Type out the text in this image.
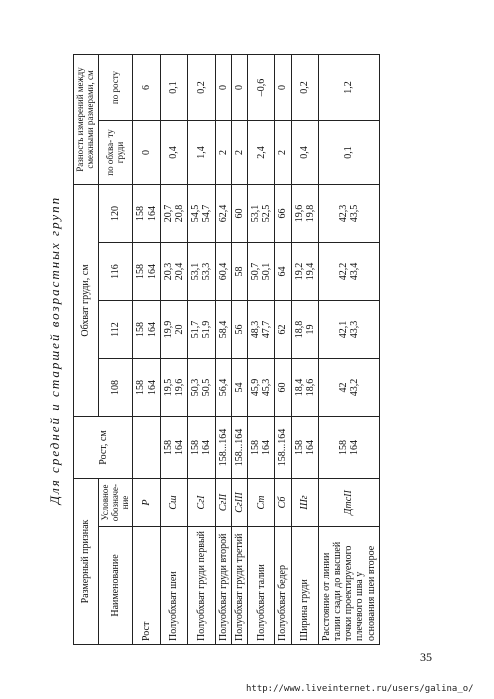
Для средней и старшей возрастных групп
Размерный признак		Рост, см	Обхват груди, см				Разность измерений между смежными размерами, см	
Наименование	Условное обозначе- ние		108	112	116	120	по обхва- ту груди	по росту
Рост	P		158 164	158 164	158 164	158 164	0	6
Полуобхват шеи	Сш	158 164	19,5 19,6	19,9 20	20,3 20,4	20,7 20,8	0,4	0,1
Полуобхват груди первый	СгI	158 164	50,3 50,5	51,7 51,9	53,1 53,3	54,5 54,7	1,4	0,2
Полуобхват груди второй	СгII	158...164	56,4	58,4	60,4	62,4	2	0
Полуобхват груди третий	СгIII	158...164	54	56	58	60	2	0
Полуобхват талии	Ст	158 164	45,9 45,3	48,3 47,7	50,7 50,1	53,1 52,5	2,4	–0,6
Полуобхват бедер	Сб	158...164	60	62	64	66	2	0
Ширина груди	Шг	158 164	18,4 18,6	18,8 19	19,2 19,4	19,6 19,8	0,4	0,2
Расстояние от линии талии сзади до высшей точки проектируемого плечевого шва у основания шеи второе	ДтсII	158 164	42 43,2	42,1 43,3	42,2 43,4	42,3 43,5	0,1	1,2
35
http://www.liveinternet.ru/users/galina_o/
